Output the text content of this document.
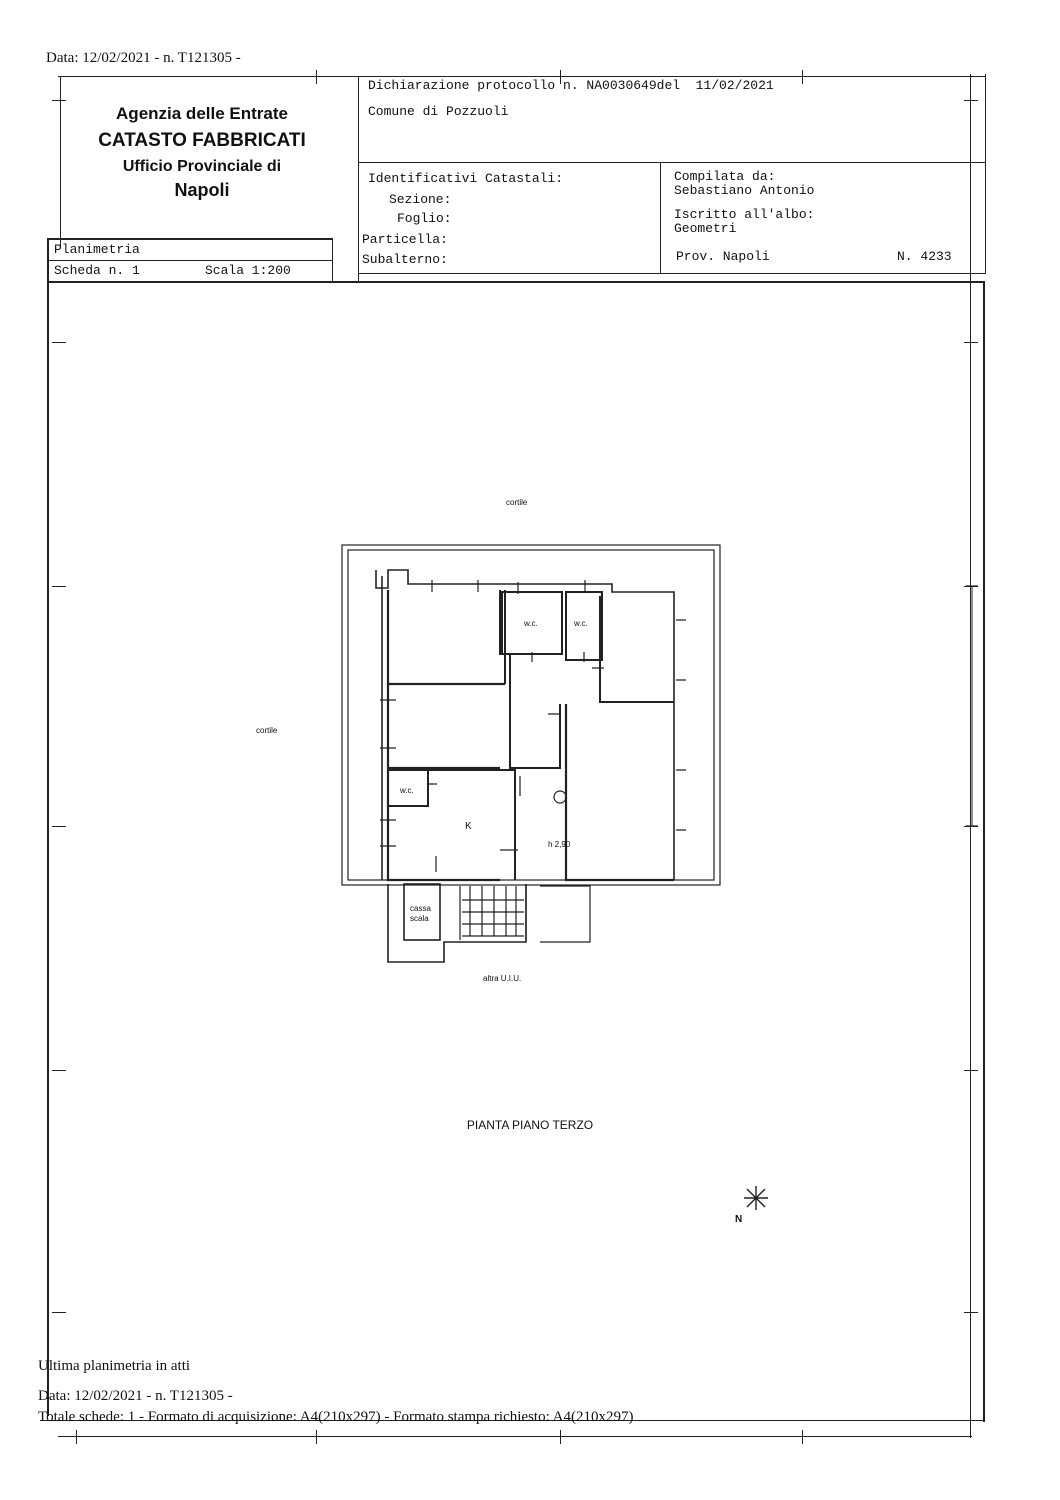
Data: 12/02/2021 - n. T121305 -
Agenzia delle Entrate
CATASTO FABBRICATI
Ufficio Provinciale di
Napoli
Dichiarazione protocollo n. NA0030649del  11/02/2021
Comune di Pozzuoli
Identificativi Catastali:
Sezione:
Foglio:
Particella:
Subalterno:
Compilata da:
Sebastiano Antonio
Iscritto all'albo:
Geometri
Prov. Napoli	N. 4233
Planimetria
Scheda n. 1	Scala 1:200
cortile
cortile
w.c.	w.c.
w.c.
K
h 2,90
cassa
scala
altra U.I.U.
PIANTA PIANO TERZO
N
Ultima planimetria in atti
Data: 12/02/2021 - n. T121305 -
Totale schede: 1 - Formato di acquisizione: A4(210x297) - Formato stampa richiesto: A4(210x297)
